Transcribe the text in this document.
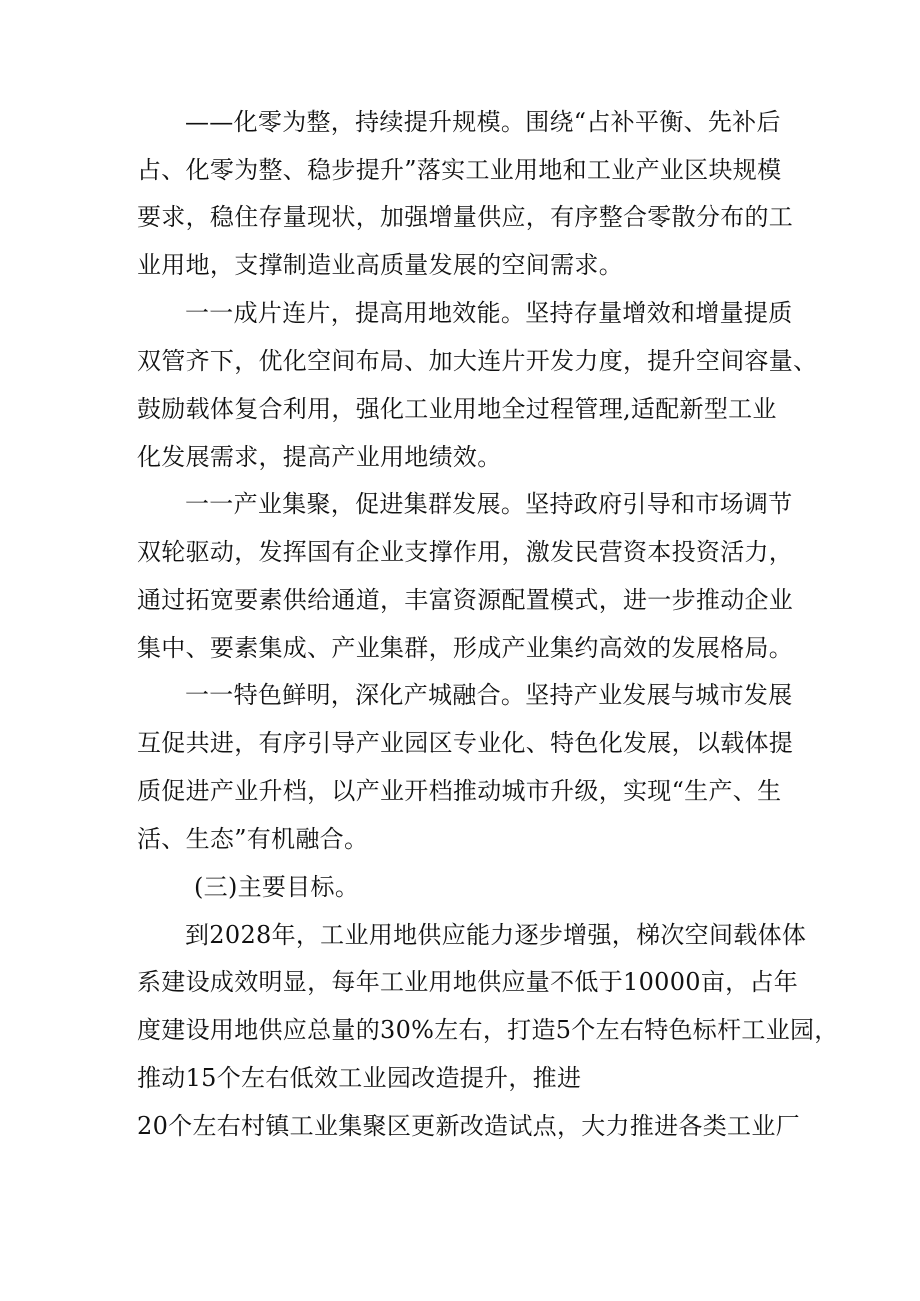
——化零为整，持续提升规模。围绕“占补平衡、先补后

占、化零为整、稳步提升”落实工业用地和工业产业区块规模

要求，稳住存量现状，加强增量供应，有序整合零散分布的工

业用地，支撑制造业高质量发展的空间需求。

一一成片连片，提高用地效能。坚持存量增效和增量提质

双管齐下，优化空间布局、加大连片开发力度，提升空间容量、

鼓励载体复合利用，强化工业用地全过程管理,适配新型工业

化发展需求，提高产业用地绩效。

一一产业集聚，促进集群发展。坚持政府引导和市场调节

双轮驱动，发挥国有企业支撑作用，激发民营资本投资活力，

通过拓宽要素供给通道，丰富资源配置模式，进一步推动企业

集中、要素集成、产业集群，形成产业集约高效的发展格局。

一一特色鲜明，深化产城融合。坚持产业发展与城市发展

互促共进，有序引导产业园区专业化、特色化发展，以载体提

质促进产业升档，以产业开档推动城市升级，实现“生产、生

活、生态”有机融合。

(三)主要目标。

到2028年，工业用地供应能力逐步增强，梯次空间载体体

系建设成效明显，每年工业用地供应量不低于10000亩，占年

度建设用地供应总量的30%左右，打造5个左右特色标杆工业园，

推动15个左右低效工业园改造提升，推进

20个左右村镇工业集聚区更新改造试点，大力推进各类工业厂
